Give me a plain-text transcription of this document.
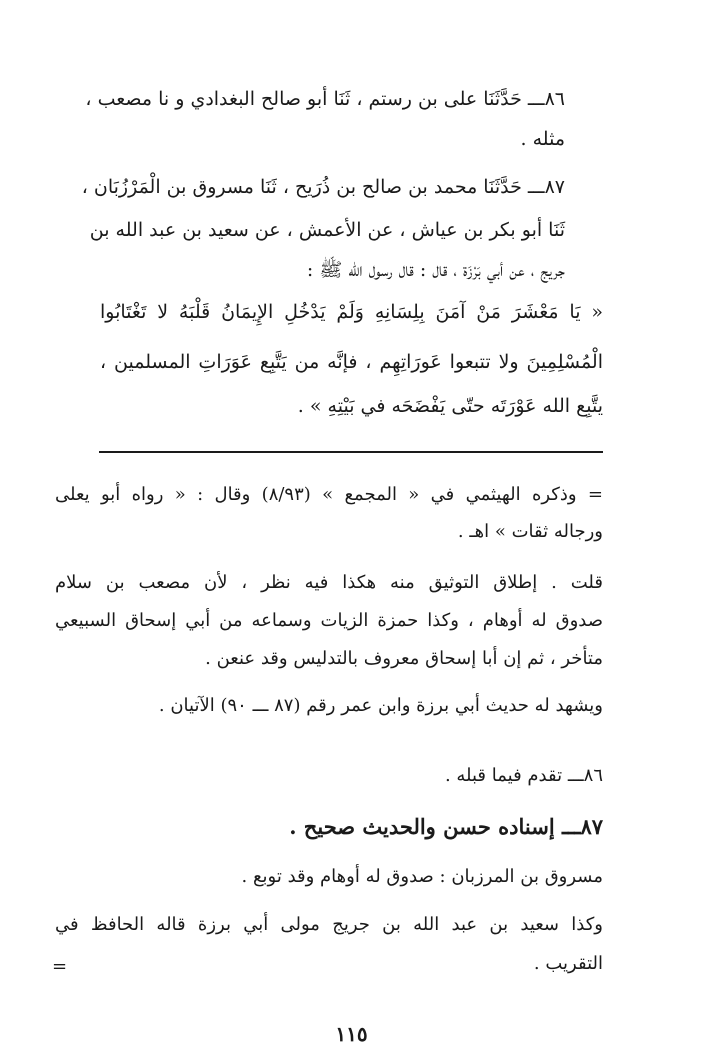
٨٦ـــ حَدَّثَنَا على بن رستم ، ثَنَا أبو صالح البغدادي و نا مصعب ،
مثله .
٨٧ـــ حَدَّثَنَا محمد بن صالح بن ذُرَيح ، ثَنَا مسروق بن الْمَرْزُبَان ،
ثَنَا أبو بكر بن عياش ، عن الأعمش ، عن سعيد بن عبد الله بن
جريج ، عن أبي بَرْزَة ، قال : قال رسول الله ﷺ :
« يَا مَعْشَرَ مَنْ آمَنَ بِلِسَانِهِ وَلَمْ يَدْخُلِ الإِيمَانُ قَلْبَهُ لا تَغْتَابُوا
الْمُسْلِمِينَ ولا تتبعوا عَورَاتِهِم ، فإنَّه من يَتَّبِع عَوَرَاتِ المسلمين ،
يتَّبِع الله عَوْرَتَه حتّى يَفْضَحَه في بَيْتِهِ » .
= وذكره الهيثمي في « المجمع » (٨/٩٣) وقال : « رواه أبو يعلى
ورجاله ثقات » اهـ .
قلت . إطلاق التوثيق منه هكذا فيه نظر ، لأن مصعب بن سلام
صدوق له أوهام ، وكذا حمزة الزيات وسماعه من أبي إسحاق السبيعي
متأخر ، ثم إن أبا إسحاق معروف بالتدليس وقد عنعن .
ويشهد له حديث أبي برزة وابن عمر رقم (٨٧ ـــ ٩٠) الآتيان .
٨٦ـــ تقدم فيما قبله .
٨٧ـــ إسناده حسن والحديث صحيح .
مسروق بن المرزبان : صدوق له أوهام وقد توبع .
وكذا سعيد بن عبد الله بن جريج مولى أبي برزة قاله الحافظ في
التقريب .
=
١١٥
